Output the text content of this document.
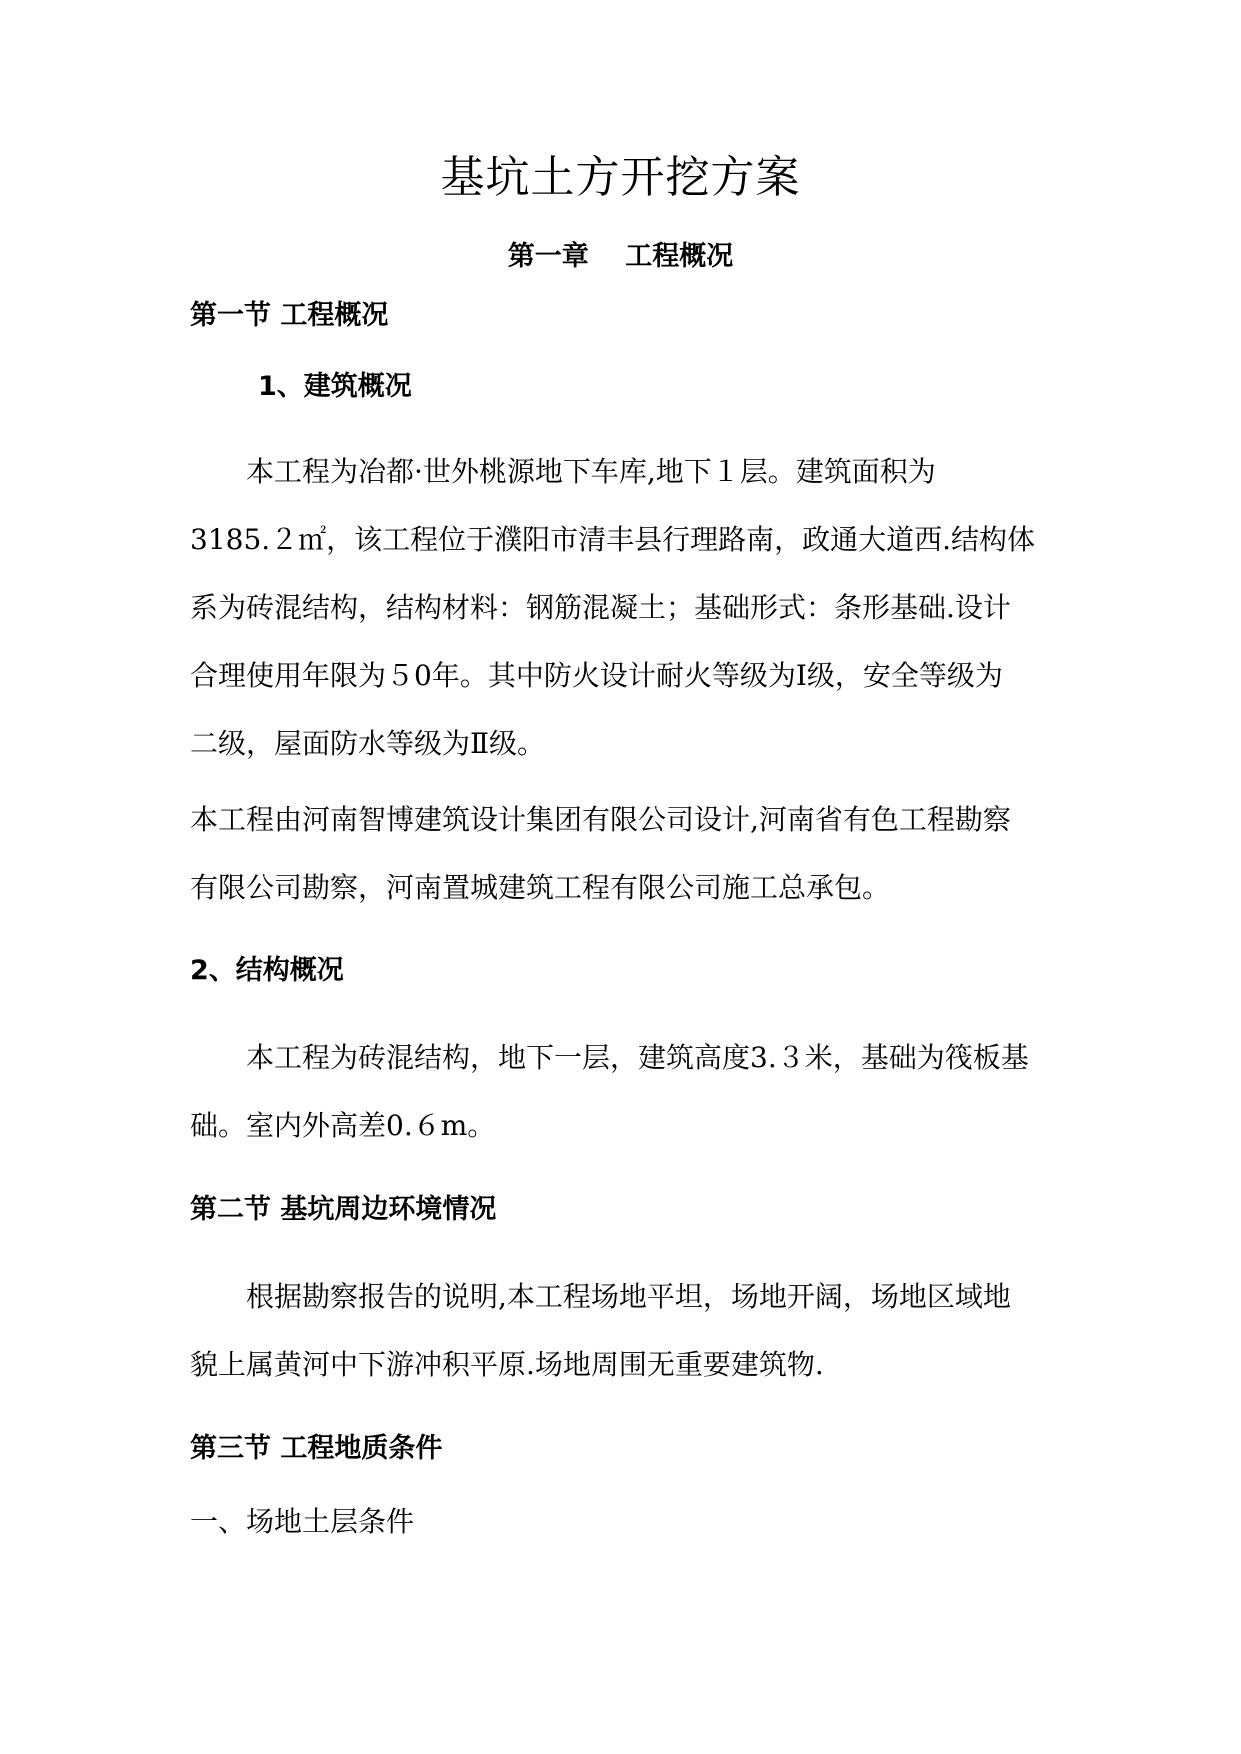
基坑土方开挖方案
第一章　 工程概况
第一节 工程概况
1、建筑概况
　　本工程为冶都·世外桃源地下车库,地下１层。建筑面积为
3185.２㎡，该工程位于濮阳市清丰县行理路南，政通大道西.结构体
系为砖混结构，结构材料：钢筋混凝土；基础形式：条形基础.设计
合理使用年限为５0年。其中防火设计耐火等级为Ⅰ级，安全等级为
二级，屋面防水等级为Ⅱ级。
本工程由河南智博建筑设计集团有限公司设计,河南省有色工程勘察
有限公司勘察，河南置城建筑工程有限公司施工总承包。
2、结构概况
　　本工程为砖混结构，地下一层，建筑高度3.３米，基础为筏板基
础。室内外高差0.６m。
第二节 基坑周边环境情况
　　根据勘察报告的说明,本工程场地平坦，场地开阔，场地区域地
貌上属黄河中下游冲积平原.场地周围无重要建筑物.
第三节 工程地质条件
一、场地土层条件
